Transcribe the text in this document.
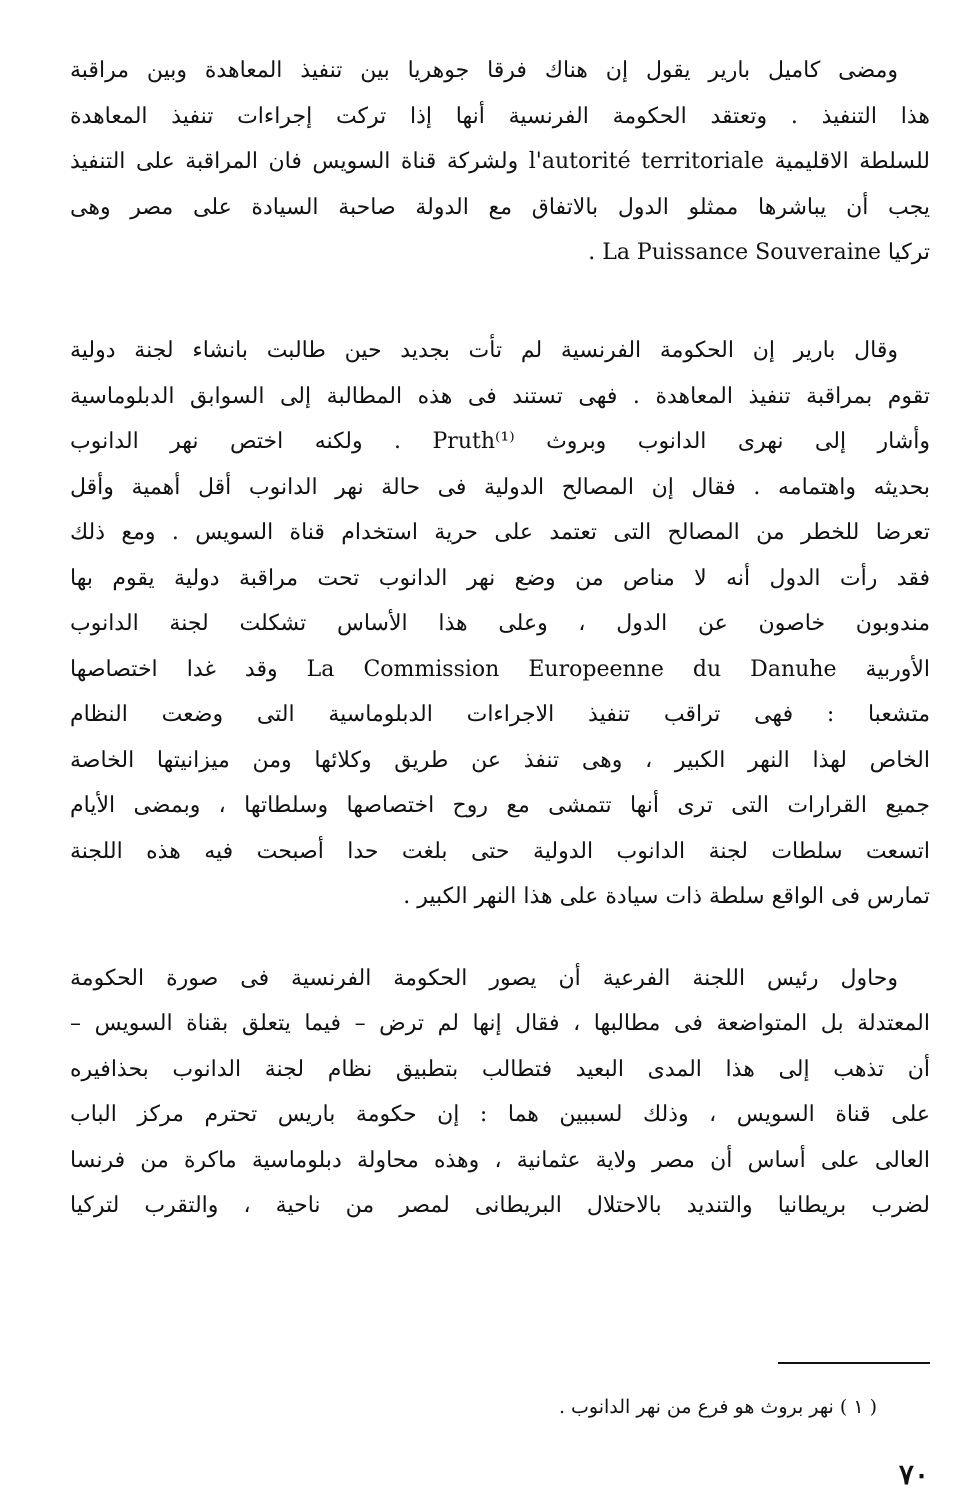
ومضى كاميل بارير يقول إن هناك فرقا جوهريا بين تنفيذ المعاهدة وبين مراقبة

هذا التنفيذ . وتعتقد الحكومة الفرنسية أنها إذا تركت إجراءات تنفيذ المعاهدة

للسلطة الاقليمية l'autorité territoriale ولشركة قناة السويس فان المراقبة على التنفيذ

يجب أن يباشرها ممثلو الدول بالاتفاق مع الدولة صاحبة السيادة على مصر وهى

تركيا La Puissance Souveraine .

وقال بارير إن الحكومة الفرنسية لم تأت بجديد حين طالبت بانشاء لجنة دولية

تقوم بمراقبة تنفيذ المعاهدة . فهى تستند فى هذه المطالبة إلى السوابق الدبلوماسية

وأشار إلى نهرى الدانوب وبروث Pruth⁽¹⁾ . ولكنه اختص نهر الدانوب

بحديثه واهتمامه . فقال إن المصالح الدولية فى حالة نهر الدانوب أقل أهمية وأقل

تعرضا للخطر من المصالح التى تعتمد على حرية استخدام قناة السويس . ومع ذلك

فقد رأت الدول أنه لا مناص من وضع نهر الدانوب تحت مراقبة دولية يقوم بها

مندوبون خاصون عن الدول ، وعلى هذا الأساس تشكلت لجنة الدانوب

الأوربية La Commission Europeenne du Danuhe وقد غدا اختصاصها

متشعبا : فهى تراقب تنفيذ الاجراءات الدبلوماسية التى وضعت النظام

الخاص لهذا النهر الكبير ، وهى تنفذ عن طريق وكلائها ومن ميزانيتها الخاصة

جميع القرارات التى ترى أنها تتمشى مع روح اختصاصها وسلطاتها ، وبمضى الأيام

اتسعت سلطات لجنة الدانوب الدولية حتى بلغت حدا أصبحت فيه هذه اللجنة

تمارس فى الواقع سلطة ذات سيادة على هذا النهر الكبير .

وحاول رئيس اللجنة الفرعية أن يصور الحكومة الفرنسية فى صورة الحكومة

المعتدلة بل المتواضعة فى مطالبها ، فقال إنها لم ترض – فيما يتعلق بقناة السويس –

أن تذهب إلى هذا المدى البعيد فتطالب بتطبيق نظام لجنة الدانوب بحذافيره

على قناة السويس ، وذلك لسببين هما : إن حكومة باريس تحترم مركز الباب

العالى على أساس أن مصر ولاية عثمانية ، وهذه محاولة دبلوماسية ماكرة من فرنسا

لضرب بريطانيا والتنديد بالاحتلال البريطانى لمصر من ناحية ، والتقرب لتركيا

( ١ ) نهر بروث هو فرع من نهر الدانوب .
٧٠
